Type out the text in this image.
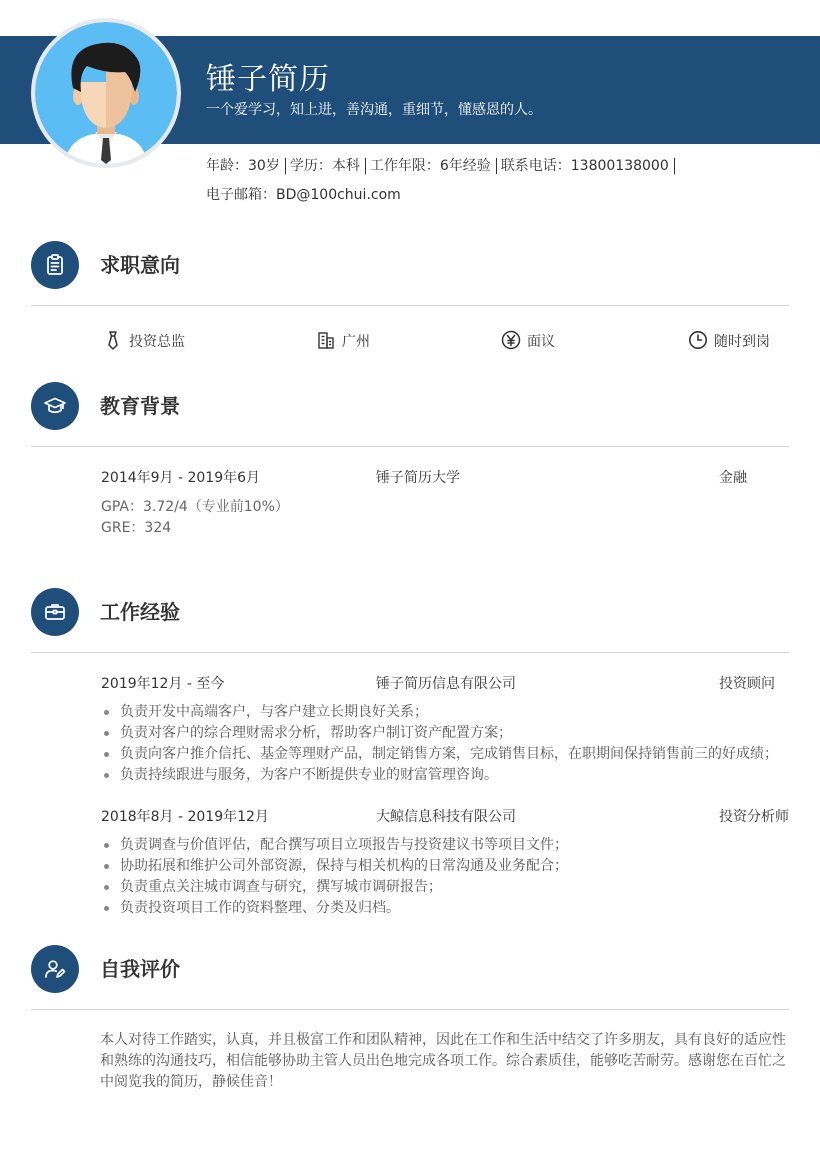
锤子简历
一个爱学习，知上进，善沟通，重细节，懂感恩的人。
年龄：30岁 学历：本科 工作年限：6年经验 联系电话：13800138000
电子邮箱：BD@100chui.com
求职意向
投资总监	广州	面议	随时到岗
教育背景
2014年9月 - 2019年6月	锤子简历大学	金融
GPA：3.72/4（专业前10%）
GRE：324
工作经验
2019年12月 - 至今	锤子简历信息有限公司	投资顾问
负责开发中高端客户，与客户建立长期良好关系；
负责对客户的综合理财需求分析，帮助客户制订资产配置方案；
负责向客户推介信托、基金等理财产品，制定销售方案，完成销售目标，在职期间保持销售前三的好成绩；
负责持续跟进与服务，为客户不断提供专业的财富管理咨询。
2018年8月 - 2019年12月	大鲸信息科技有限公司	投资分析师
负责调查与价值评估，配合撰写项目立项报告与投资建议书等项目文件；
协助拓展和维护公司外部资源，保持与相关机构的日常沟通及业务配合；
负责重点关注城市调查与研究，撰写城市调研报告；
负责投资项目工作的资料整理、分类及归档。
自我评价
本人对待工作踏实，认真，并且极富工作和团队精神，因此在工作和生活中结交了许多朋友，具有良好的适应性和熟练的沟通技巧，相信能够协助主管人员出色地完成各项工作。综合素质佳，能够吃苦耐劳。感谢您在百忙之中阅览我的简历，静候佳音！
